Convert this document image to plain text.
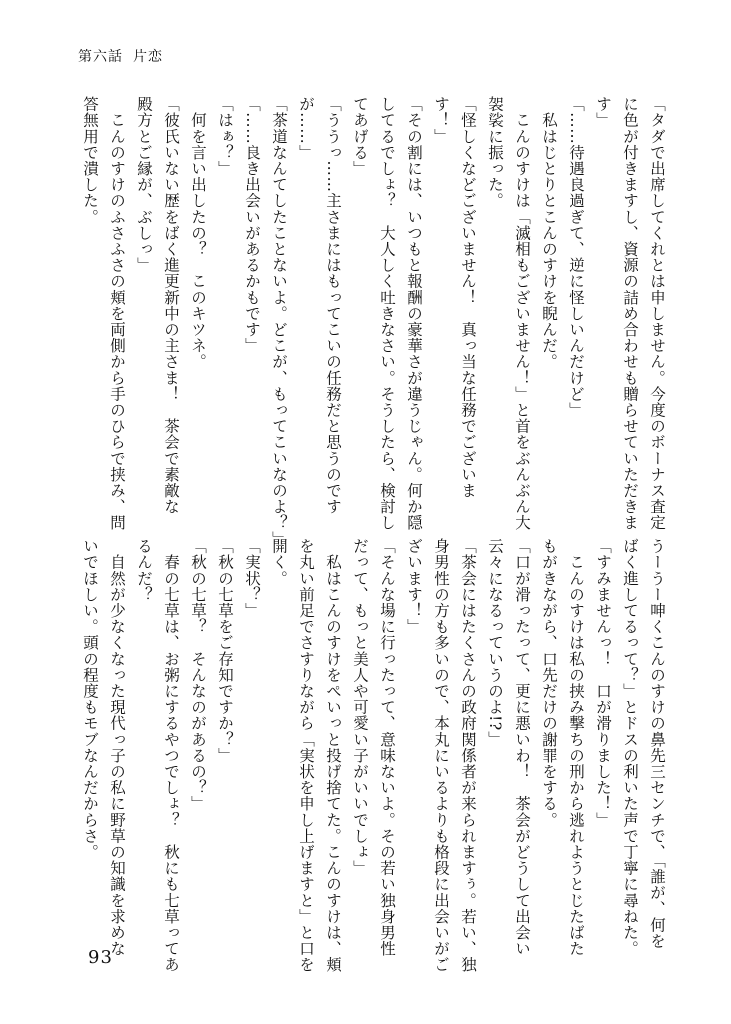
第六話 片恋
「タダで出席してくれとは申しません。今度のボーナス査定
に色が付きますし、資源の詰め合わせも贈らせていただきま
す」
「……待遇良過ぎて、逆に怪しいんだけど」
　私はじとりとこんのすけを睨んだ。
　こんのすけは「滅相もございません！」と首をぶんぶん大
袈裟に振った。
「怪しくなどございません！　真っ当な任務でございま
す！」
「その割には、いつもと報酬の豪華さが違うじゃん。何か隠
してるでしょ？　大人しく吐きなさい。そうしたら、検討し
てあげる」
「ううっ……主さまにはもってこいの任務だと思うのです
が……」
「茶道なんてしたことないよ。どこが、もってこいなのよ？」
「……良き出会いがあるかもです」
「はぁ？」
　何を言い出したの？　このキツネ。
「彼氏いない歴をばく進更新中の主さま！　茶会で素敵な
殿方とご縁が、ぶしっ」
　こんのすけのふさふさの頬を両側から手のひらで挟み、問
答無用で潰した。
うーうー呻くこんのすけの鼻先三センチで、「誰が、何を
ばく進してるって？」とドスの利いた声で丁寧に尋ねた。
「すみませんっ！　口が滑りました！」
　こんのすけは私の挟み撃ちの刑から逃れようとじたばた
もがきながら、口先だけの謝罪をする。
「口が滑ったって、更に悪いわ！　茶会がどうして出会い
云々になるっていうのよ!?」
「茶会にはたくさんの政府関係者が来られますぅ。若い、独
身男性の方も多いので、本丸にいるよりも格段に出会いがご
ざいます！」
「そんな場に行ったって、意味ないよ。その若い独身男性
だって、もっと美人や可愛い子がいいでしょ」
　私はこんのすけをぺいっと投げ捨てた。こんのすけは、頬
を丸い前足でさすりながら「実状を申し上げますと」と口を
開く。
「実状？」
「秋の七草をご存知ですか？」
「秋の七草？　そんなのがあるの？」
　春の七草は、お粥にするやつでしょ？　秋にも七草ってあ
るんだ？
　自然が少なくなった現代っ子の私に野草の知識を求めな
いでほしい。頭の程度もモブなんだからさ。
93
